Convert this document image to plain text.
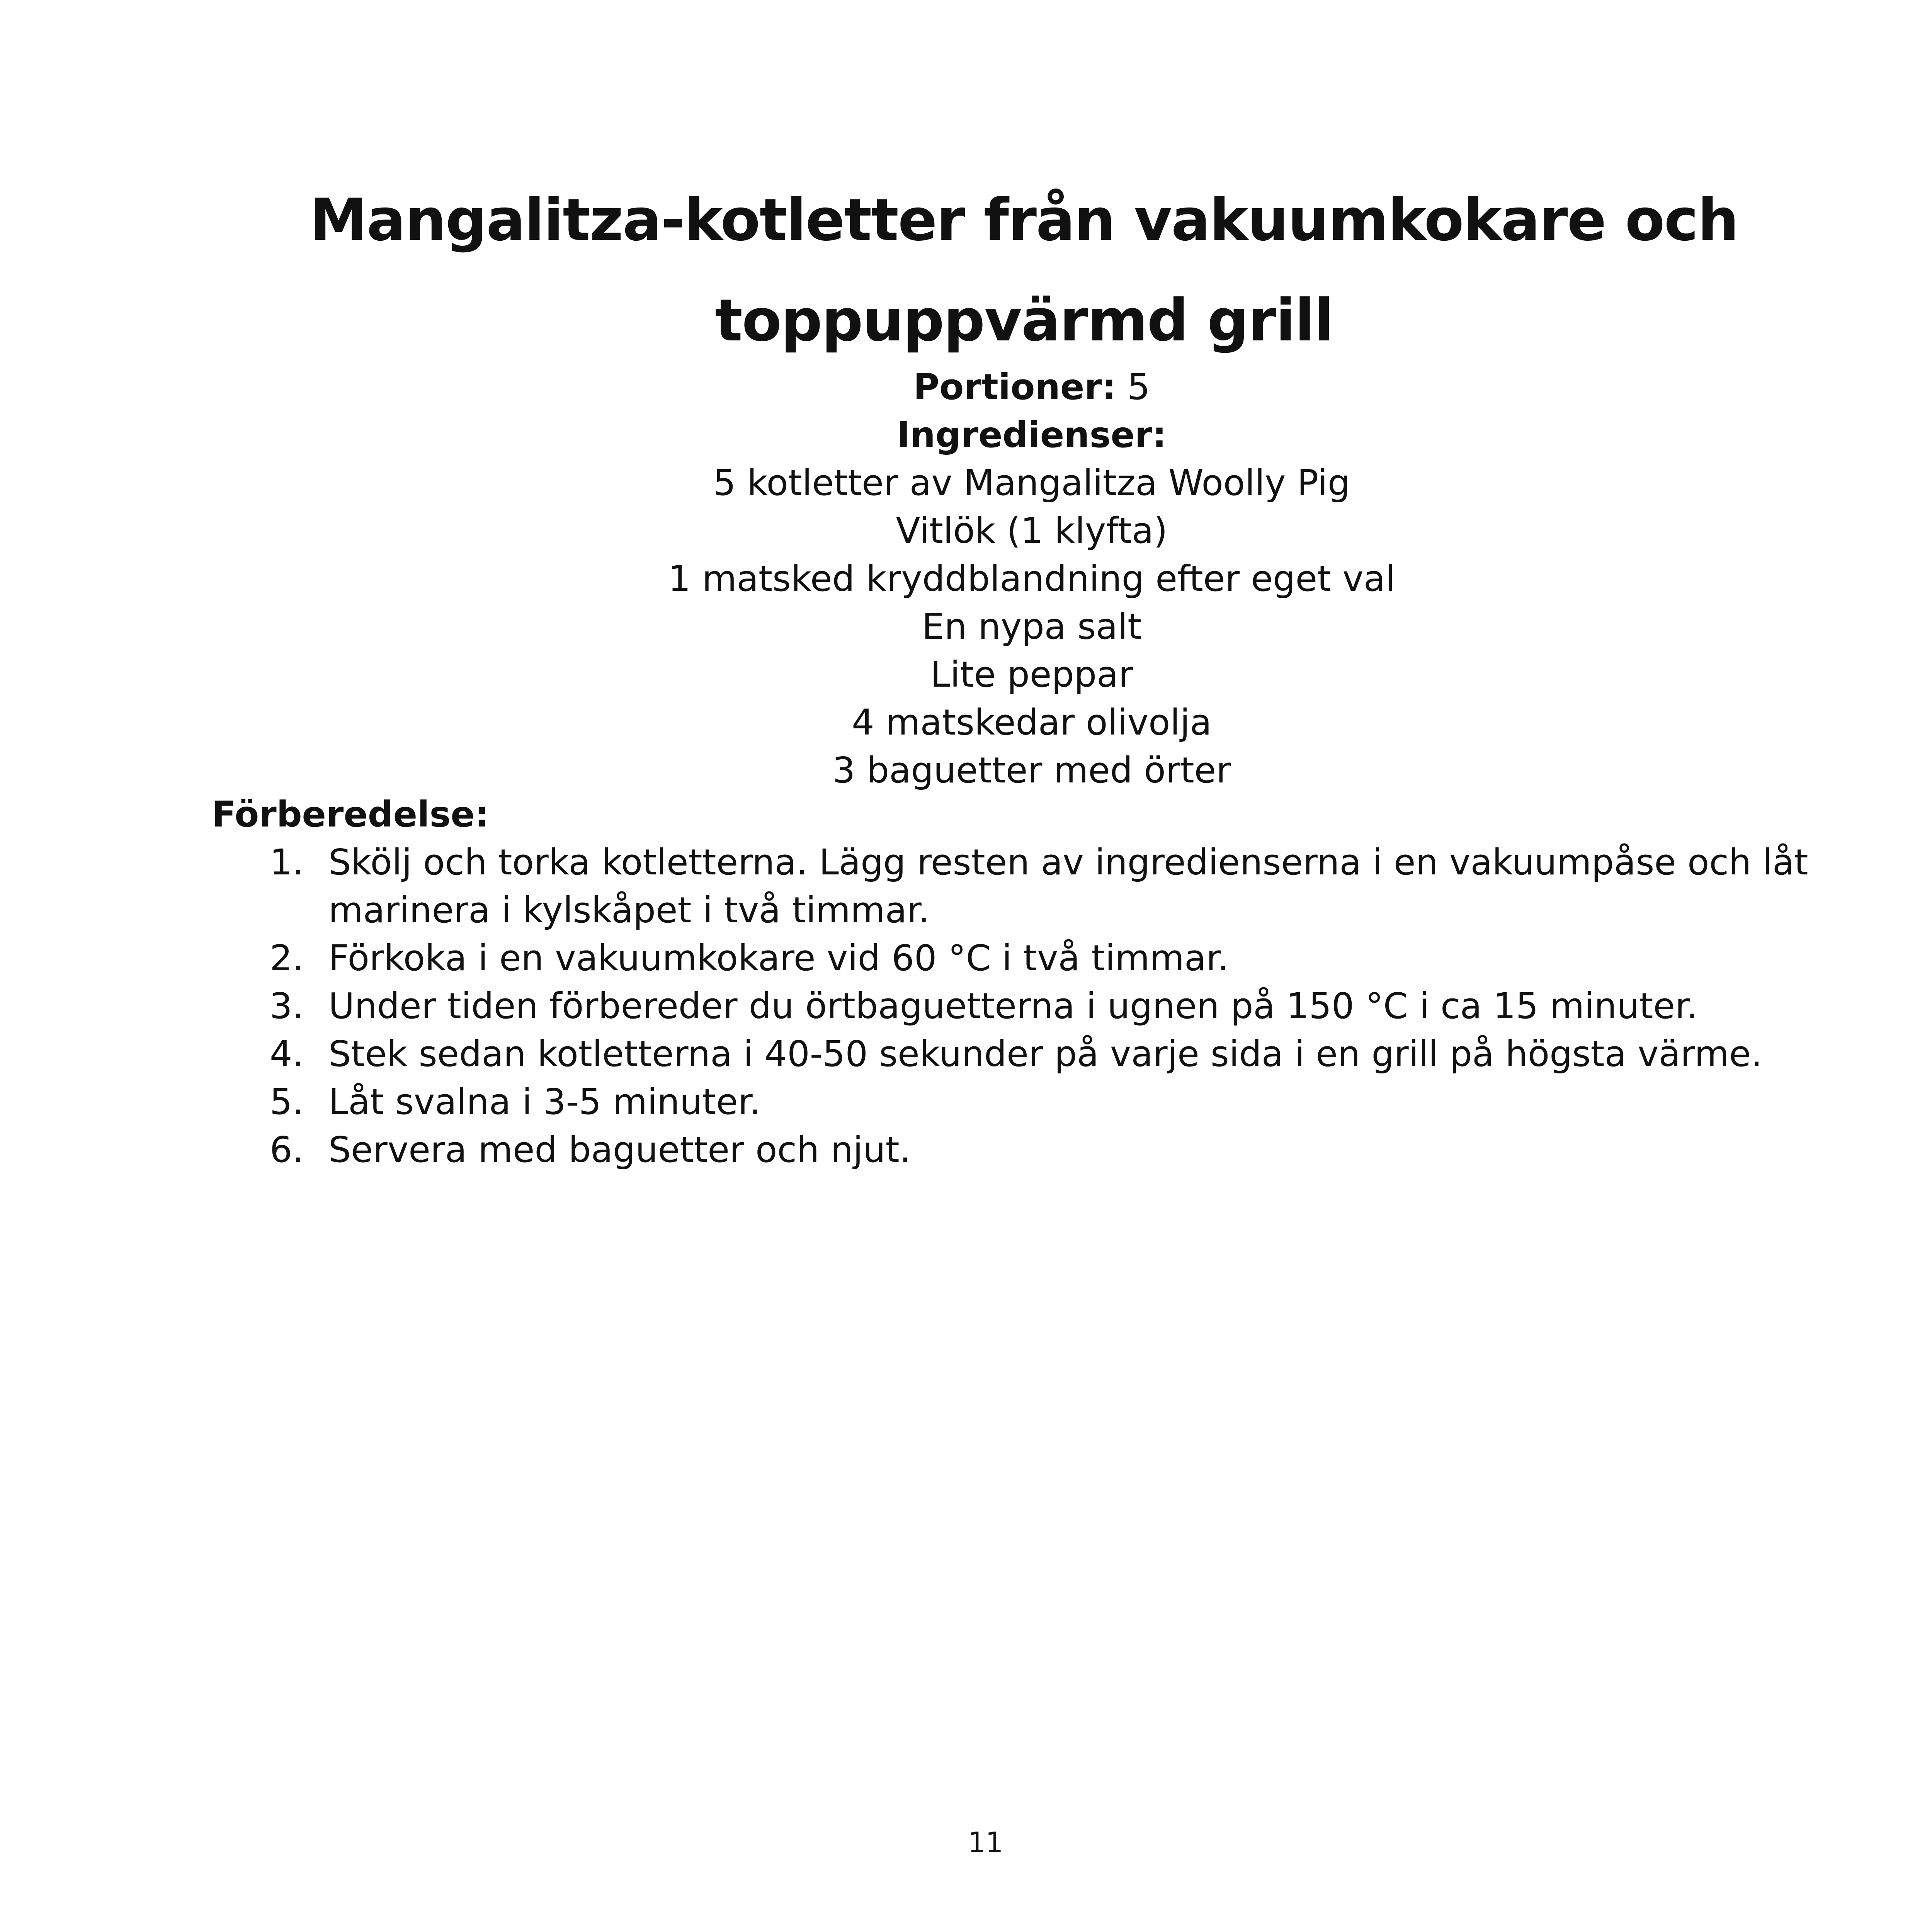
Mangalitza-kotletter från vakuumkokare och toppuppvärmd grill
Portioner: 5
Ingredienser:
5 kotletter av Mangalitza Woolly Pig
Vitlök (1 klyfta)
1 matsked kryddblandning efter eget val
En nypa salt
Lite peppar
4 matskedar olivolja
3 baguetter med örter
Förberedelse:
1. Skölj och torka kotletterna. Lägg resten av ingredienserna i en vakuumpåse och låt marinera i kylskåpet i två timmar.
2. Förkoka i en vakuumkokare vid 60 °C i två timmar.
3. Under tiden förbereder du örtbaguetterna i ugnen på 150 °C i ca 15 minuter.
4. Stek sedan kotletterna i 40-50 sekunder på varje sida i en grill på högsta värme.
5. Låt svalna i 3-5 minuter.
6. Servera med baguetter och njut.
11
